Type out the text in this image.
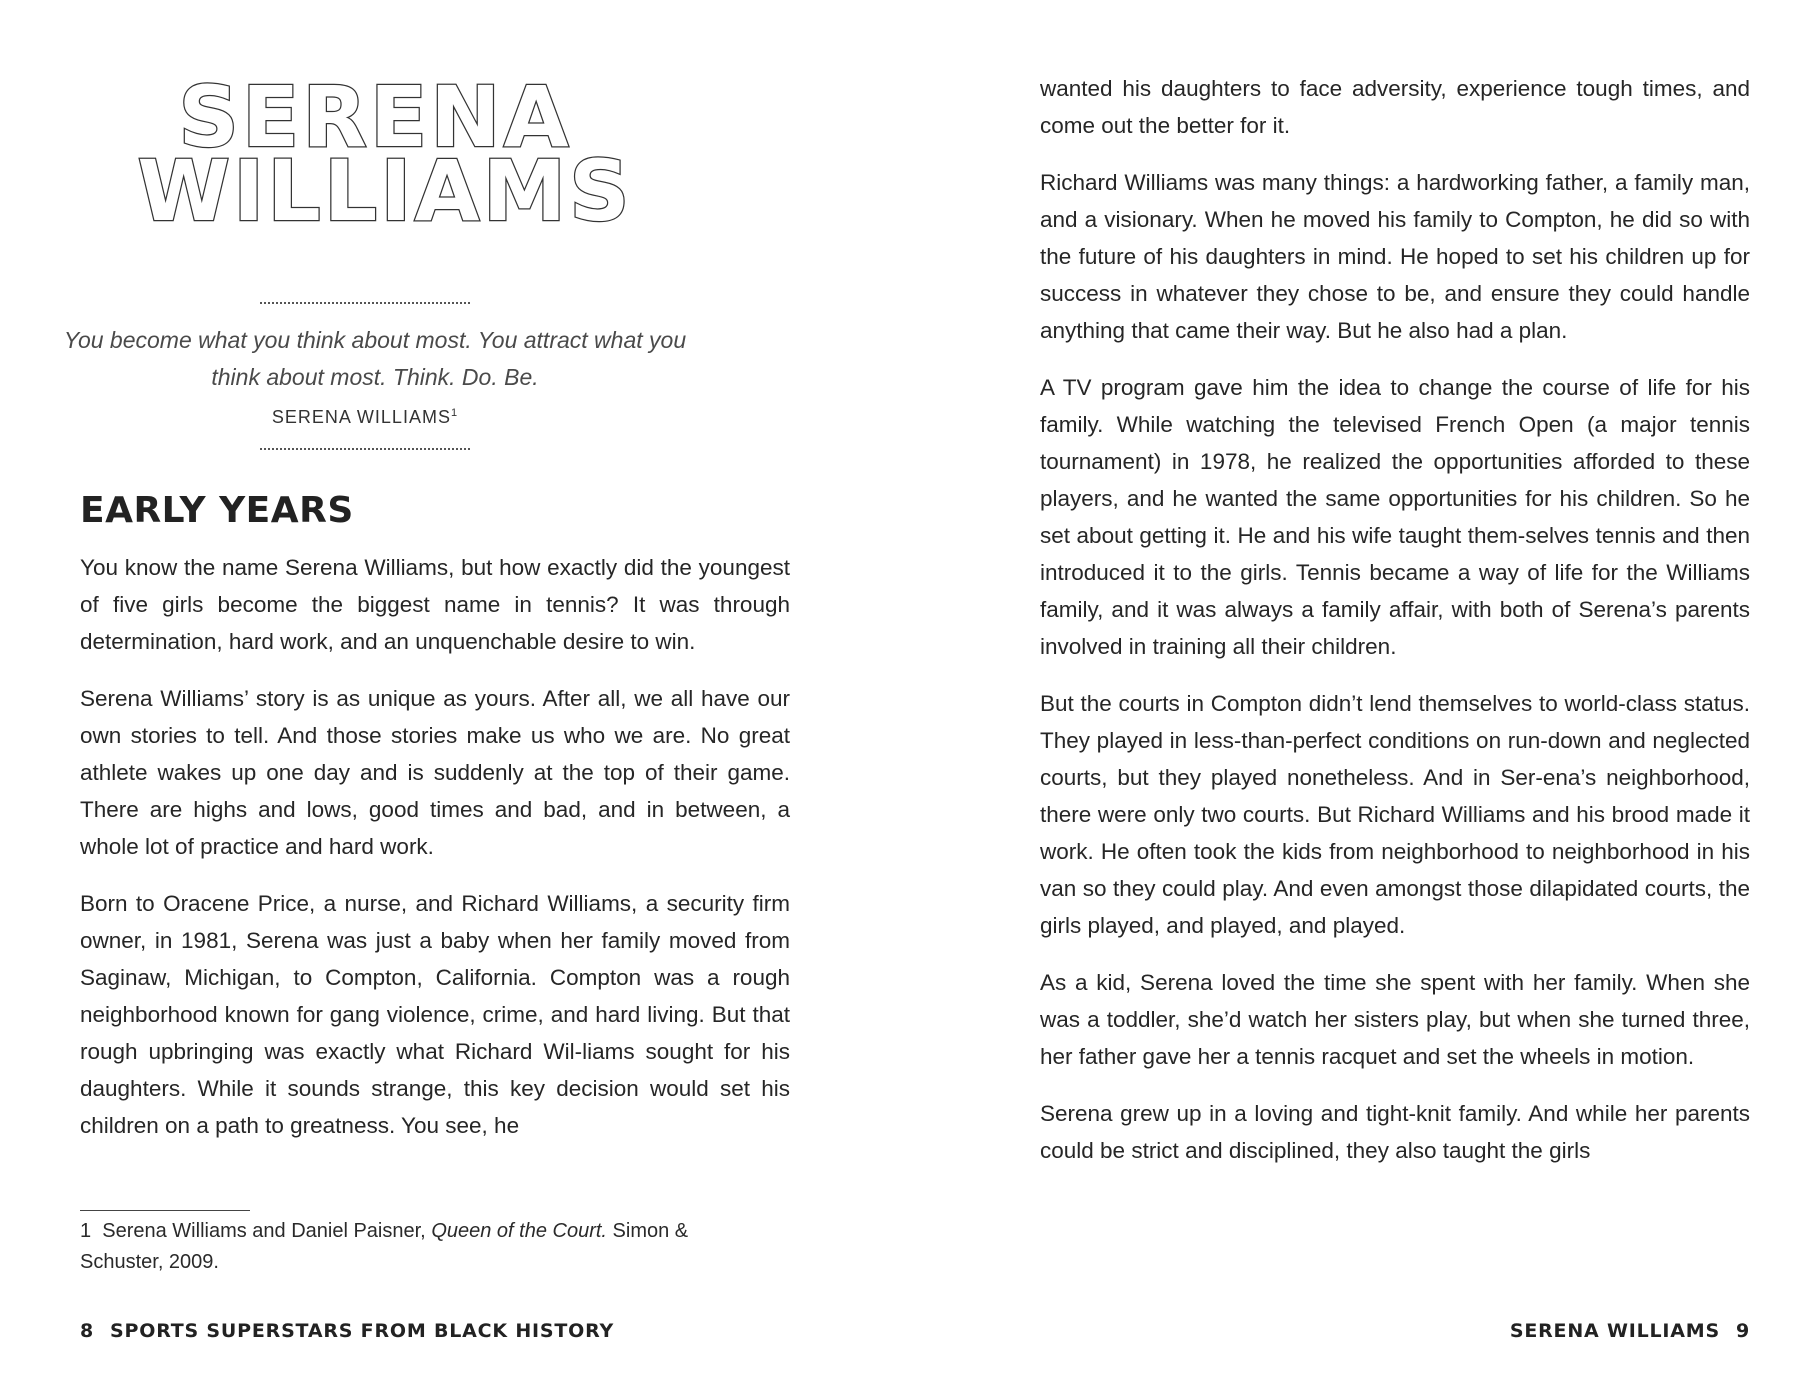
SERENA
WILLIAMS
You become what you think about most. You attract what you think about most. Think. Do. Be.
SERENA WILLIAMS$^1$
EARLY YEARS

You know the name Serena Williams, but how exactly did the youngest of five girls become the biggest name in tennis? It was through determination, hard work, and an unquenchable desire to win.

Serena Williams’ story is as unique as yours. After all, we all have our own stories to tell. And those stories make us who we are. No great athlete wakes up one day and is suddenly at the top of their game. There are highs and lows, good times and bad, and in between, a whole lot of practice and hard work.

Born to Oracene Price, a nurse, and Richard Williams, a security firm owner, in 1981, Serena was just a baby when her family moved from Saginaw, Michigan, to Compton, California. Compton was a rough neighborhood known for gang violence, crime, and hard living. But that rough upbringing was exactly what Richard Wil-liams sought for his daughters. While it sounds strange, this key decision would set his children on a path to greatness. You see, he

1 Serena Williams and Daniel Paisner, Queen of the Court. Simon & Schuster, 2009.
8 SPORTS SUPERSTARS FROM BLACK HISTORY

wanted his daughters to face adversity, experience tough times, and come out the better for it.

Richard Williams was many things: a hardworking father, a family man, and a visionary. When he moved his family to Compton, he did so with the future of his daughters in mind. He hoped to set his children up for success in whatever they chose to be, and ensure they could handle anything that came their way. But he also had a plan.

A TV program gave him the idea to change the course of life for his family. While watching the televised French Open (a major tennis tournament) in 1978, he realized the opportunities afforded to these players, and he wanted the same opportunities for his children. So he set about getting it. He and his wife taught them-selves tennis and then introduced it to the girls. Tennis became a way of life for the Williams family, and it was always a family affair, with both of Serena’s parents involved in training all their children.

But the courts in Compton didn’t lend themselves to world-class status. They played in less-than-perfect conditions on run-down and neglected courts, but they played nonetheless. And in Ser-ena’s neighborhood, there were only two courts. But Richard Williams and his brood made it work. He often took the kids from neighborhood to neighborhood in his van so they could play. And even amongst those dilapidated courts, the girls played, and played, and played.

As a kid, Serena loved the time she spent with her family. When she was a toddler, she’d watch her sisters play, but when she turned three, her father gave her a tennis racquet and set the wheels in motion.

Serena grew up in a loving and tight-knit family. And while her parents could be strict and disciplined, they also taught the girls

SERENA WILLIAMS 9
